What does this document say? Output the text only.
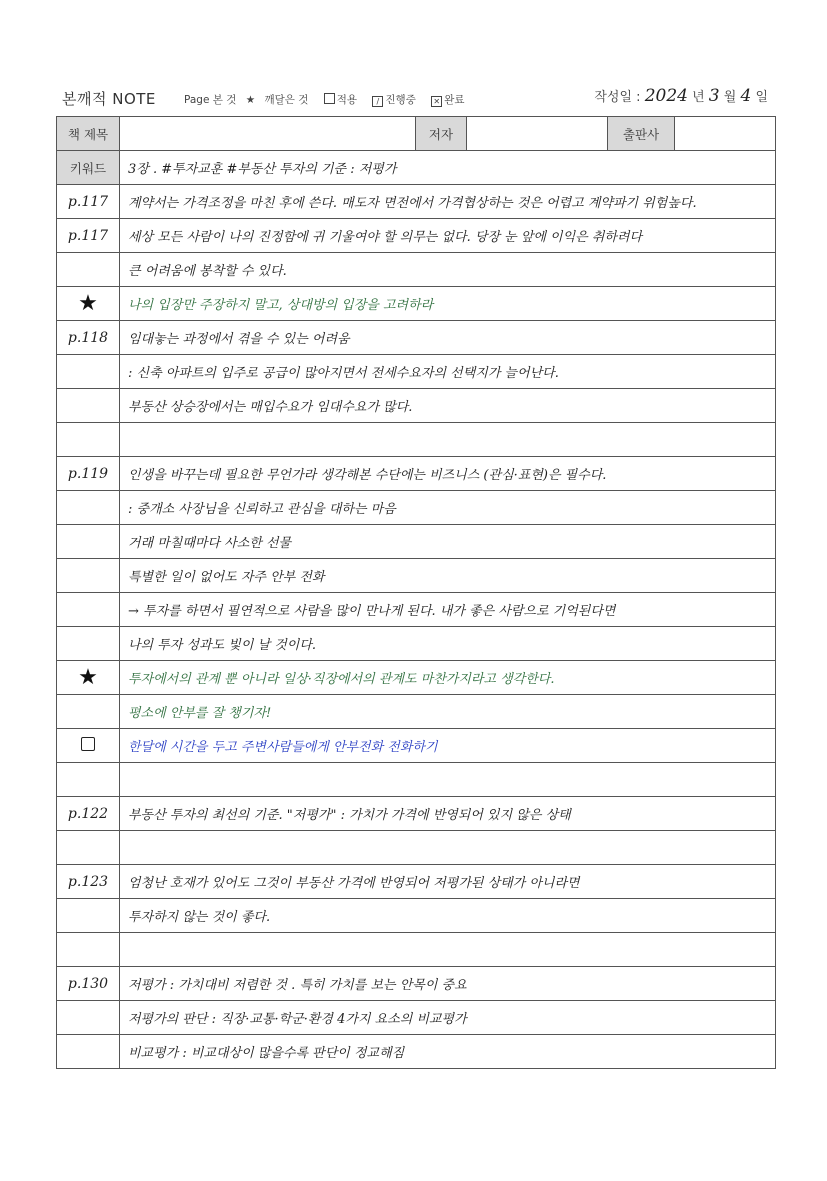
본깨적 NOTE	Page 본 것 ★ 깨달은 것	적용 / 진행중 ✕ 완료	작성일 : 2024 년 3 월 4 일
책 제목		저자		출판사	
키워드	3장 . #투자교훈 #부동산 투자의 기준 : 저평가				
p.117	계약서는 가격조정을 마친 후에 쓴다. 매도자 면전에서 가격협상하는 것은 어렵고 계약파기 위험높다.				
p.117	세상 모든 사람이 나의 진정함에 귀 기울여야 할 의무는 없다. 당장 눈 앞에 이익은 취하려다				
	큰 어려움에 봉착할 수 있다.				
★	나의 입장만 주장하지 말고, 상대방의 입장을 고려하라				
p.118	임대놓는 과정에서 겪을 수 있는 어려움				
	: 신축 아파트의 입주로 공급이 많아지면서 전세수요자의 선택지가 늘어난다.				
	부동산 상승장에서는 매입수요가 임대수요가 많다.				

p.119	인생을 바꾸는데 필요한 무언가라 생각해본 수단에는 비즈니스 (관심·표현)은 필수다.				
	: 중개소 사장님을 신뢰하고 관심을 대하는 마음				
	거래 마칠때마다 사소한 선물				
	특별한 일이 없어도 자주 안부 전화				
	→ 투자를 하면서 필연적으로 사람을 많이 만나게 된다. 내가 좋은 사람으로 기억된다면				
	나의 투자 성과도 빛이 날 것이다.				
★	투자에서의 관계 뿐 아니라 일상·직장에서의 관계도 마찬가지라고 생각한다.				
	평소에 안부를 잘 챙기자!				
	한달에 시간을 두고 주변사람들에게 안부전화 전화하기				

p.122	부동산 투자의 최선의 기준. "저평가" : 가치가 가격에 반영되어 있지 않은 상태				

p.123	엄청난 호재가 있어도 그것이 부동산 가격에 반영되어 저평가된 상태가 아니라면				
	투자하지 않는 것이 좋다.				

p.130	저평가 : 가치대비 저렴한 것 . 특히 가치를 보는 안목이 중요				
	저평가의 판단 : 직장·교통·학군·환경 4가지 요소의 비교평가				
	비교평가 : 비교대상이 많을수록 판단이 정교해짐				
